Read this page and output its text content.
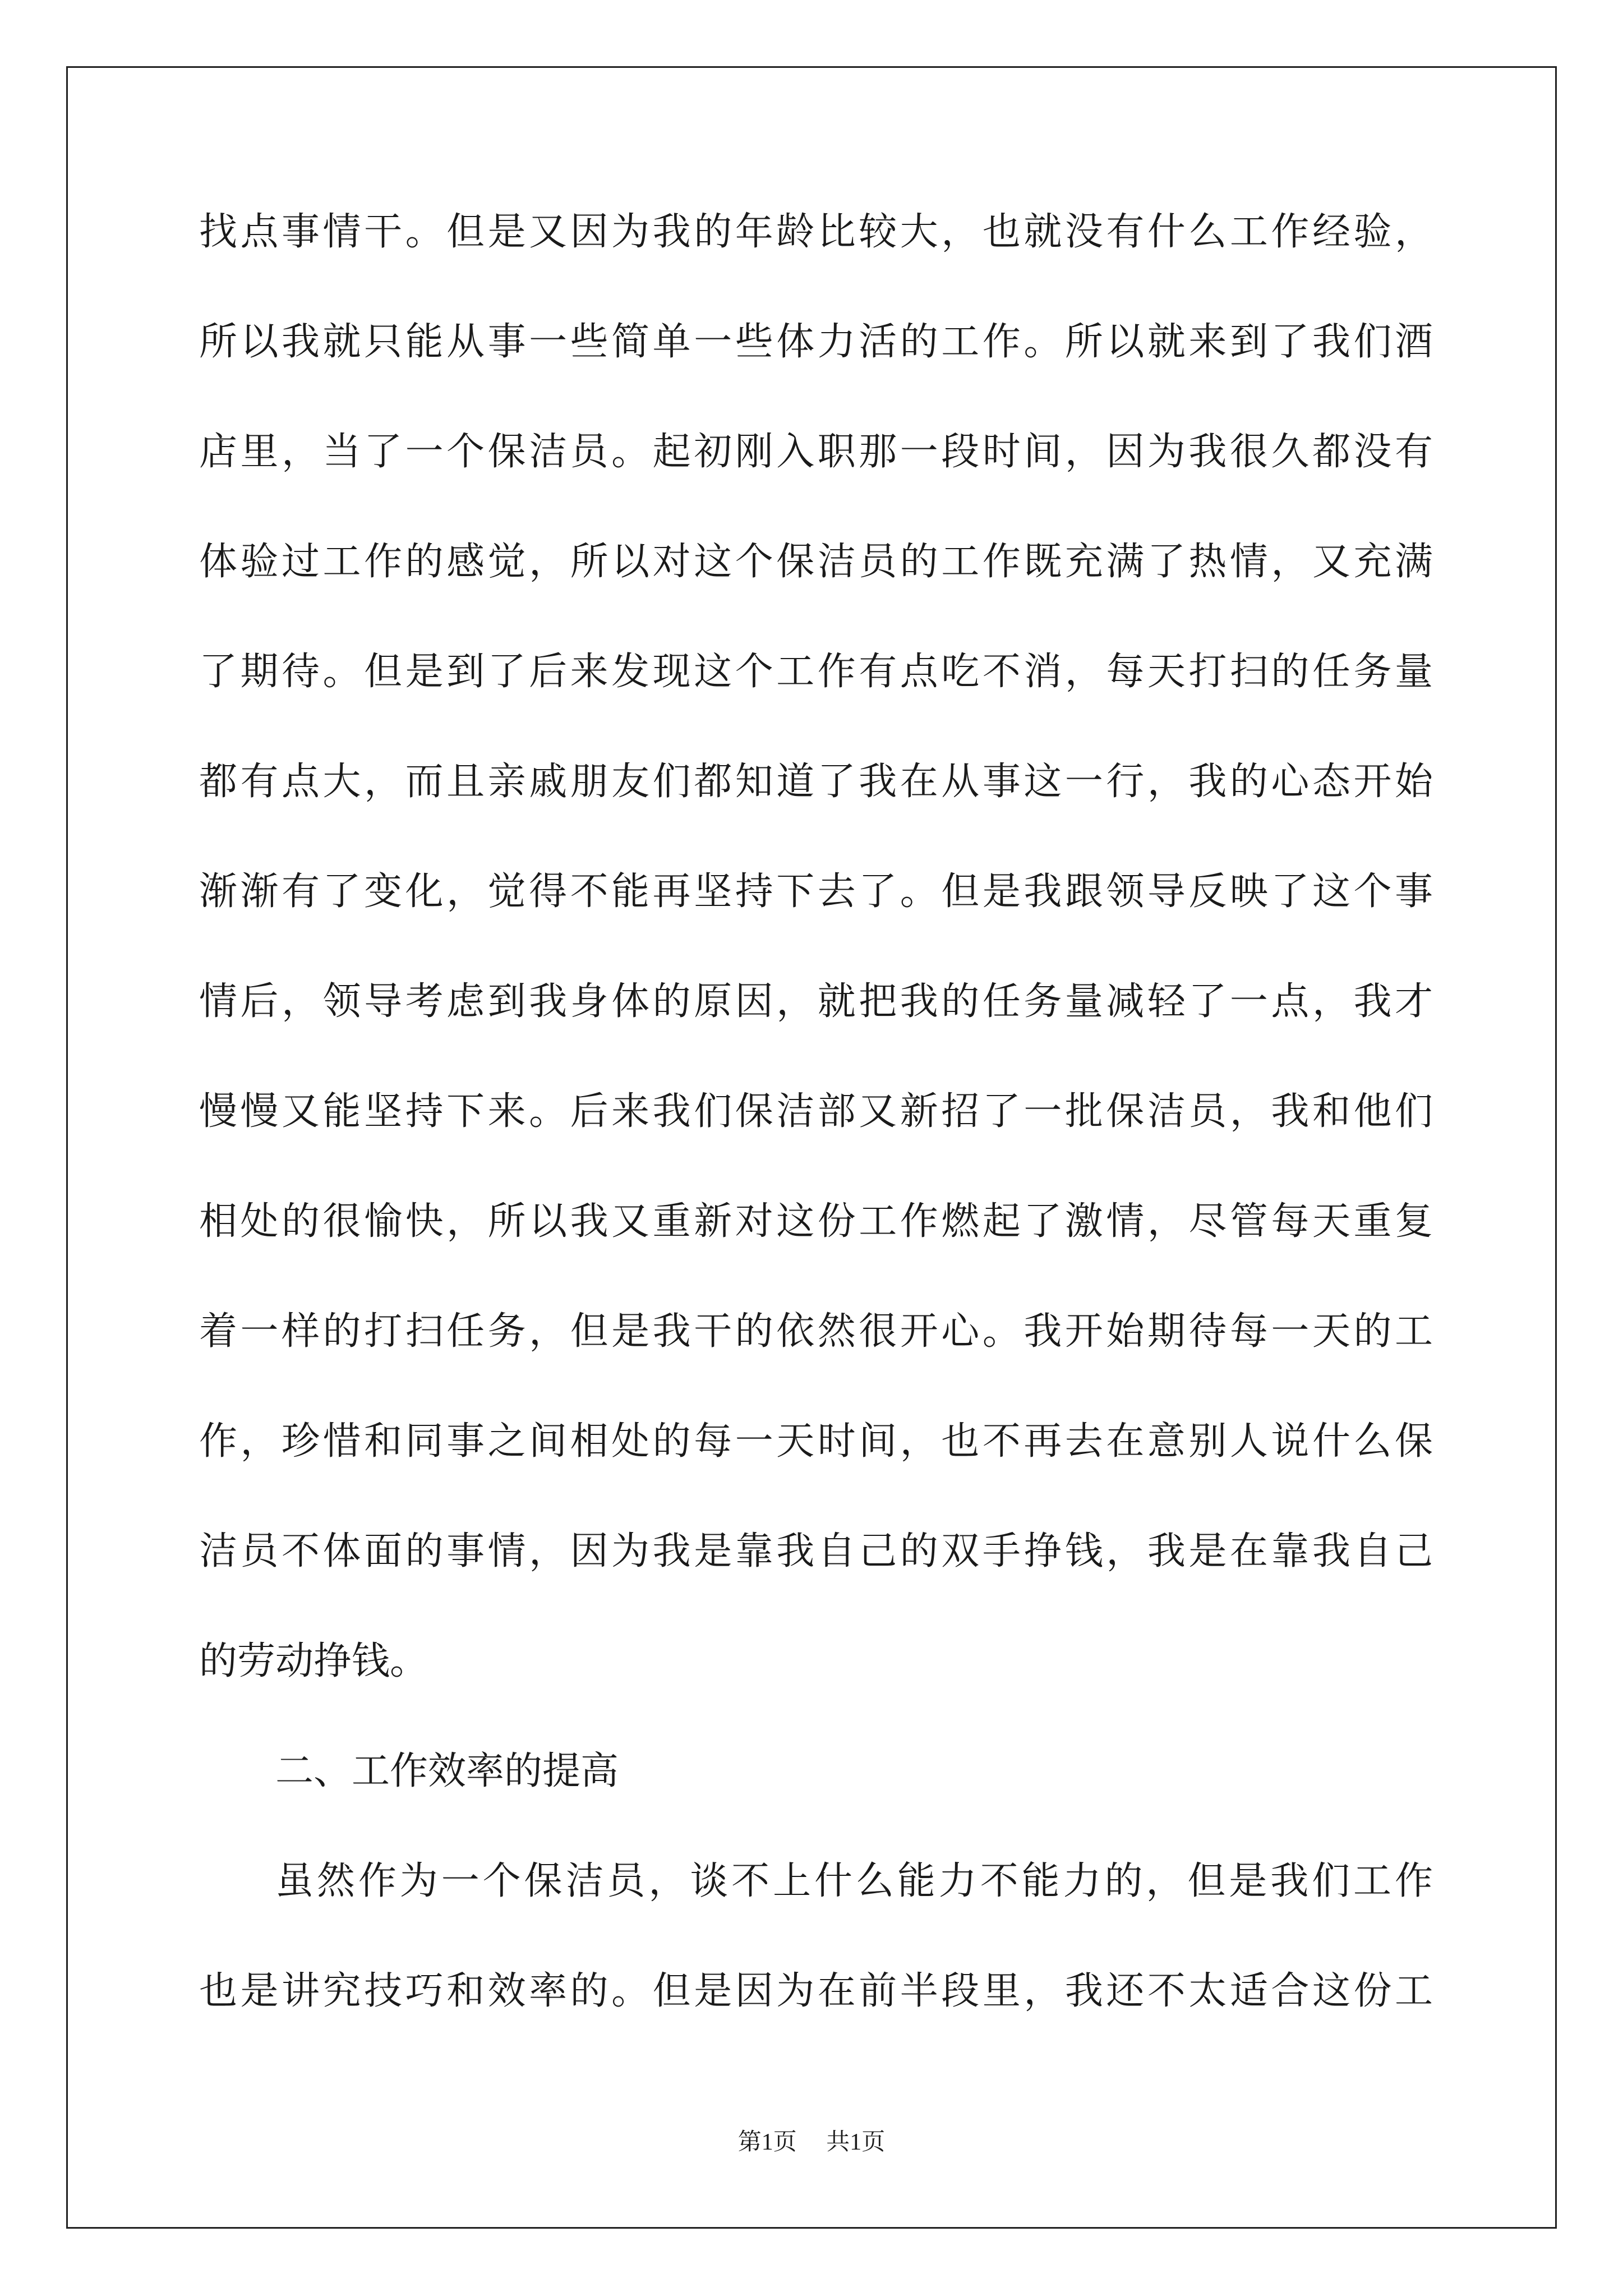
找点事情干。但是又因为我的年龄比较大，也就没有什么工作经验，
所以我就只能从事一些简单一些体力活的工作。所以就来到了我们酒
店里，当了一个保洁员。起初刚入职那一段时间，因为我很久都没有
体验过工作的感觉，所以对这个保洁员的工作既充满了热情，又充满
了期待。但是到了后来发现这个工作有点吃不消，每天打扫的任务量
都有点大，而且亲戚朋友们都知道了我在从事这一行，我的心态开始
渐渐有了变化，觉得不能再坚持下去了。但是我跟领导反映了这个事
情后，领导考虑到我身体的原因，就把我的任务量减轻了一点，我才
慢慢又能坚持下来。后来我们保洁部又新招了一批保洁员，我和他们
相处的很愉快，所以我又重新对这份工作燃起了激情，尽管每天重复
着一样的打扫任务，但是我干的依然很开心。我开始期待每一天的工
作，珍惜和同事之间相处的每一天时间，也不再去在意别人说什么保
洁员不体面的事情，因为我是靠我自己的双手挣钱，我是在靠我自己
的劳动挣钱。
二、工作效率的提高
虽然作为一个保洁员，谈不上什么能力不能力的，但是我们工作
也是讲究技巧和效率的。但是因为在前半段里，我还不太适合这份工
第1页 共1页
